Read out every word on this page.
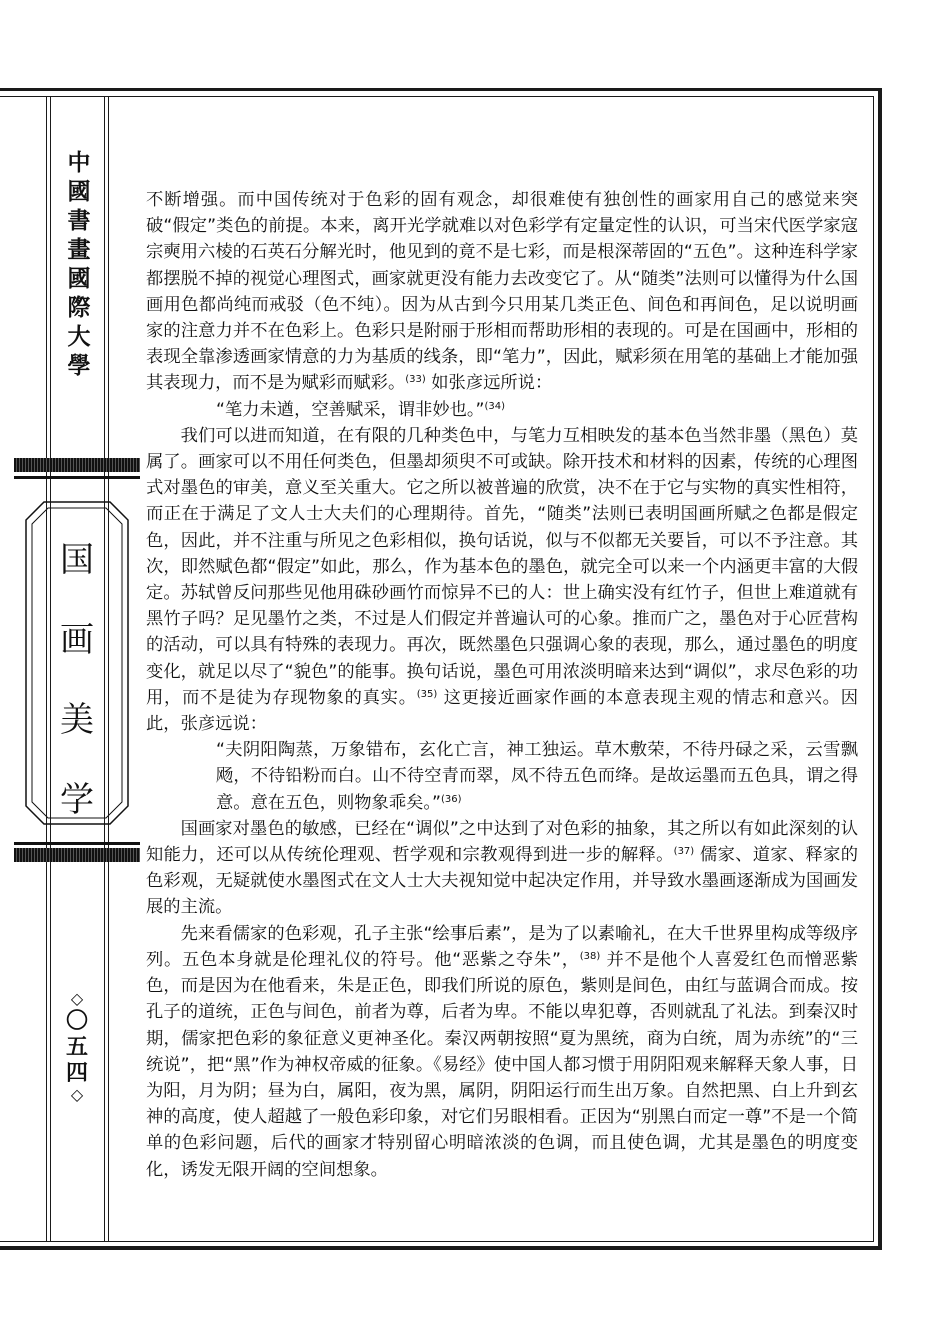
中
國
書
畫
國
際
大
學
国
画
美
学
◇
〇
五
四
◇

不断增强。而中国传统对于色彩的固有观念，却很难使有独创性的画家用自己的感觉来突破“假定”类色的前提。本来，离开光学就难以对色彩学有定量定性的认识，可当宋代医学家寇宗奭用六棱的石英石分解光时，他见到的竟不是七彩，而是根深蒂固的“五色”。这种连科学家都摆脱不掉的视觉心理图式，画家就更没有能力去改变它了。从“随类”法则可以懂得为什么国画用色都尚纯而戒驳（色不纯）。因为从古到今只用某几类正色、间色和再间色，足以说明画家的注意力并不在色彩上。色彩只是附丽于形相而帮助形相的表现的。可是在国画中，形相的表现全靠渗透画家情意的力为基质的线条，即“笔力”，因此，赋彩须在用笔的基础上才能加强其表现力，而不是为赋彩而赋彩。$^{(33)}$ 如张彦远所说：

“笔力未遒，空善赋采，谓非妙也。”$^{(34)}$

我们可以进而知道，在有限的几种类色中，与笔力互相映发的基本色当然非墨（黑色）莫属了。画家可以不用任何类色，但墨却须臾不可或缺。除开技术和材料的因素，传统的心理图式对墨色的审美，意义至关重大。它之所以被普遍的欣赏，决不在于它与实物的真实性相符，而正在于满足了文人士大夫们的心理期待。首先，“随类”法则已表明国画所赋之色都是假定色，因此，并不注重与所见之色彩相似，换句话说，似与不似都无关要旨，可以不予注意。其次，即然赋色都“假定”如此，那么，作为基本色的墨色，就完全可以来一个内涵更丰富的大假定。苏轼曾反问那些见他用硃砂画竹而惊异不已的人：世上确实没有红竹子，但世上难道就有黑竹子吗？足见墨竹之类，不过是人们假定并普遍认可的心象。推而广之，墨色对于心匠营构的活动，可以具有特殊的表现力。再次，既然墨色只强调心象的表现，那么，通过墨色的明度变化，就足以尽了“貌色”的能事。换句话说，墨色可用浓淡明暗来达到“调似”，求尽色彩的功用，而不是徒为存现物象的真实。$^{(35)}$ 这更接近画家作画的本意表现主观的情志和意兴。因此，张彦远说：

“夫阴阳陶蒸，万象错布，玄化亡言，神工独运。草木敷荣，不待丹碌之采，云雪飘飏，不待铅粉而白。山不待空青而翠，凤不待五色而绛。是故运墨而五色具，谓之得意。意在五色，则物象乖矣。”$^{(36)}$

国画家对墨色的敏感，已经在“调似”之中达到了对色彩的抽象，其之所以有如此深刻的认知能力，还可以从传统伦理观、哲学观和宗教观得到进一步的解释。$^{(37)}$ 儒家、道家、释家的色彩观，无疑就使水墨图式在文人士大夫视知觉中起决定作用，并导致水墨画逐渐成为国画发展的主流。

先来看儒家的色彩观，孔子主张“绘事后素”，是为了以素喻礼，在大千世界里构成等级序列。五色本身就是伦理礼仪的符号。他“恶紫之夺朱”，$^{(38)}$ 并不是他个人喜爱红色而憎恶紫色，而是因为在他看来，朱是正色，即我们所说的原色，紫则是间色，由红与蓝调合而成。按孔子的道统，正色与间色，前者为尊，后者为卑。不能以卑犯尊，否则就乱了礼法。到秦汉时期，儒家把色彩的象征意义更神圣化。秦汉两朝按照“夏为黑统，商为白统，周为赤统”的“三统说”，把“黑”作为神权帝威的征象。《易经》使中国人都习惯于用阴阳观来解释天象人事，日为阳，月为阴；昼为白，属阳，夜为黑，属阴，阴阳运行而生出万象。自然把黑、白上升到玄神的高度，使人超越了一般色彩印象，对它们另眼相看。正因为“别黑白而定一尊”不是一个简单的色彩问题，后代的画家才特别留心明暗浓淡的色调，而且使色调，尤其是墨色的明度变化，诱发无限开阔的空间想象。
